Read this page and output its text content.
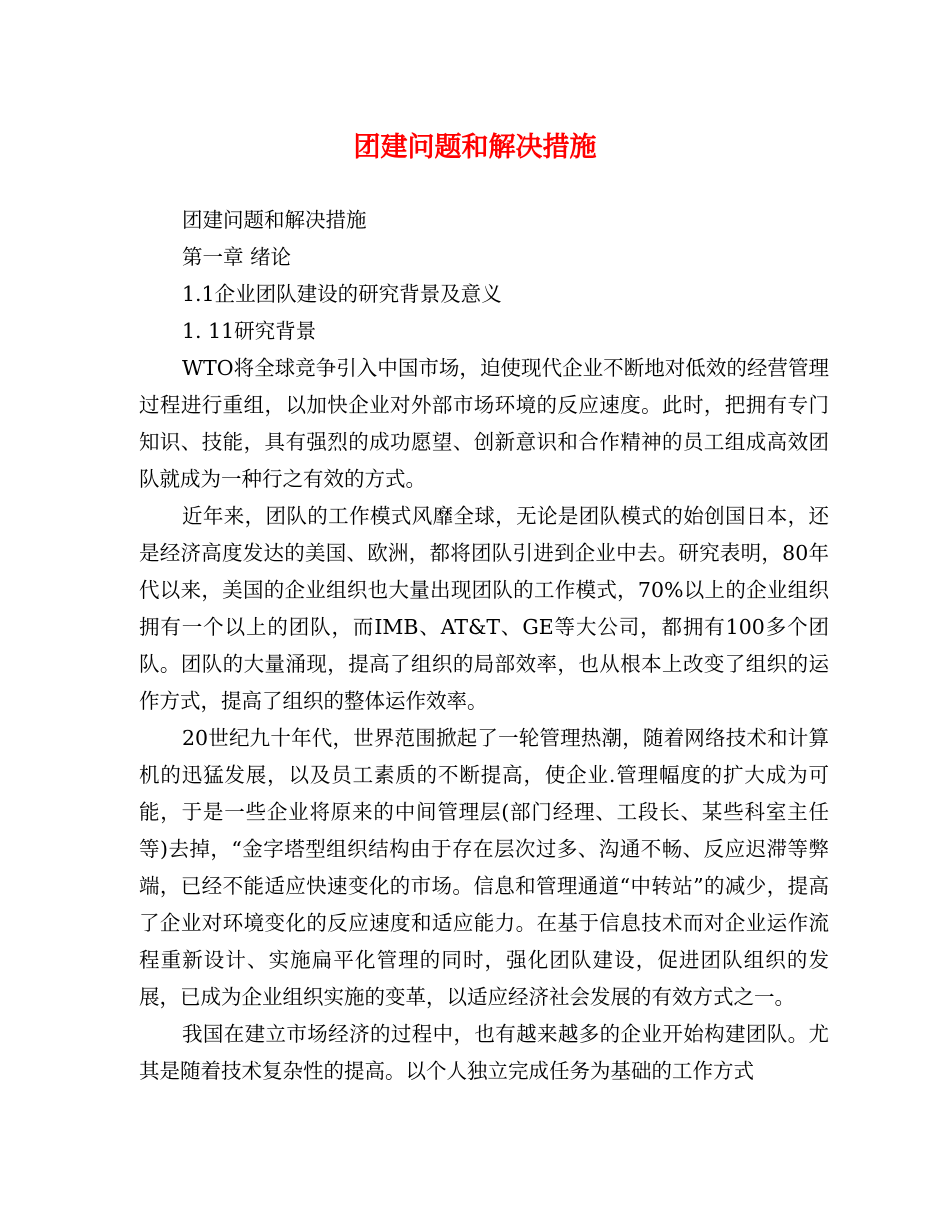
团建问题和解决措施

团建问题和解决措施

第一章 绪论

1.1企业团队建设的研究背景及意义

1. 11研究背景

WTO将全球竞争引入中国市场，迫使现代企业不断地对低效的经营管理过程进行重组，以加快企业对外部市场环境的反应速度。此时，把拥有专门知识、技能，具有强烈的成功愿望、创新意识和合作精神的员工组成高效团队就成为一种行之有效的方式。

近年来，团队的工作模式风靡全球，无论是团队模式的始创国日本，还是经济高度发达的美国、欧洲，都将团队引进到企业中去。研究表明，80年代以来，美国的企业组织也大量出现团队的工作模式，70%以上的企业组织拥有一个以上的团队，而IMB、AT&T、GE等大公司，都拥有100多个团队。团队的大量涌现，提高了组织的局部效率，也从根本上改变了组织的运作方式，提高了组织的整体运作效率。

20世纪九十年代，世界范围掀起了一轮管理热潮，随着网络技术和计算机的迅猛发展，以及员工素质的不断提高，使企业.管理幅度的扩大成为可能，于是一些企业将原来的中间管理层(部门经理、工段长、某些科室主任等)去掉，“金字塔型组织结构由于存在层次过多、沟通不畅、反应迟滞等弊端，已经不能适应快速变化的市场。信息和管理通道“中转站”的减少，提高了企业对环境变化的反应速度和适应能力。在基于信息技术而对企业运作流程重新设计、实施扁平化管理的同时，强化团队建设，促进团队组织的发展，已成为企业组织实施的变革，以适应经济社会发展的有效方式之一。

我国在建立市场经济的过程中，也有越来越多的企业开始构建团队。尤其是随着技术复杂性的提高。以个人独立完成任务为基础的工作方式
